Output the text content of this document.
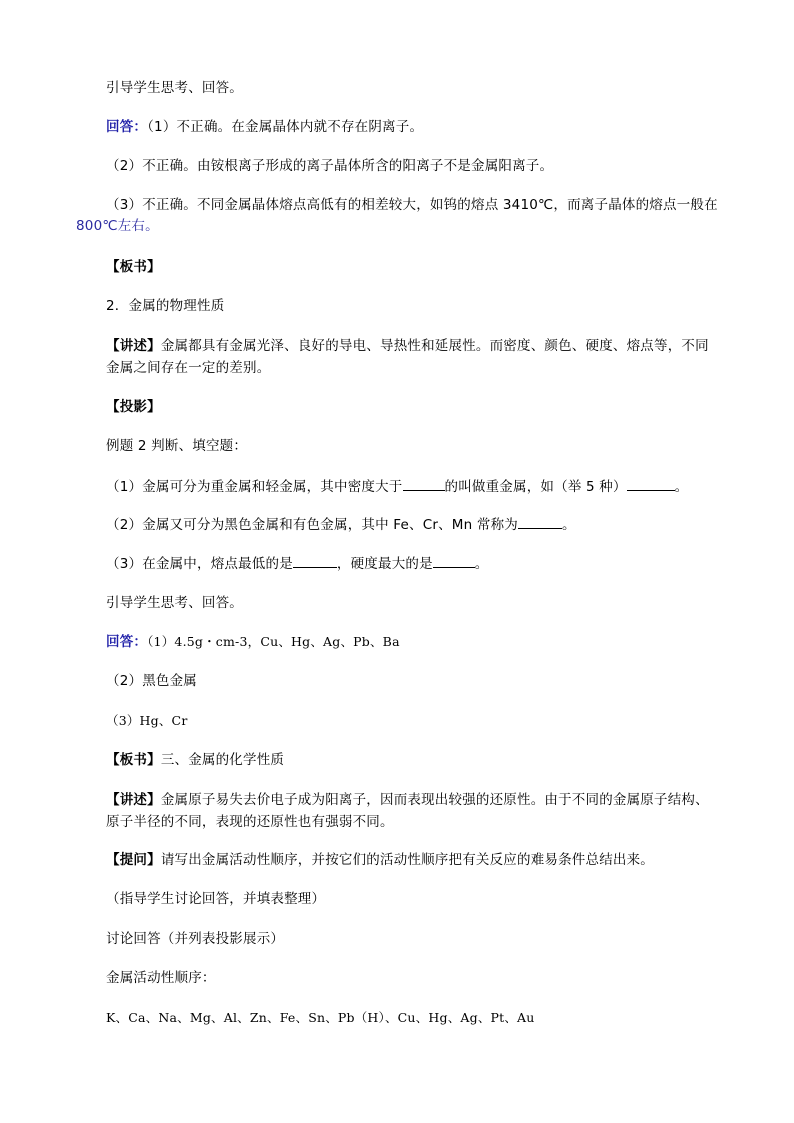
引导学生思考、回答。
回答：（1）不正确。在金属晶体内就不存在阴离子。
（2）不正确。由铵根离子形成的离子晶体所含的阳离子不是金属阳离子。
（3）不正确。不同金属晶体熔点高低有的相差较大，如钨的熔点 3410℃，而离子晶体的熔点一般在
800℃左右。
【板书】
2．金属的物理性质
【讲述】金属都具有金属光泽、良好的导电、导热性和延展性。而密度、颜色、硬度、熔点等，不同金属之间存在一定的差别。
【投影】
例题 2 判断、填空题：
（1）金属可分为重金属和轻金属，其中密度大于	的叫做重金属，如（举 5 种）	。
（2）金属又可分为黑色金属和有色金属，其中 Fe、Cr、Mn 常称为	。
（3）在金属中，熔点最低的是	，硬度最大的是	。
引导学生思考、回答。
回答：（1）4.5g・cm-3，Cu、Hg、Ag、Pb、Ba
（2）黑色金属
（3）Hg、Cr
【板书】三、金属的化学性质
【讲述】金属原子易失去价电子成为阳离子，因而表现出较强的还原性。由于不同的金属原子结构、原子半径的不同，表现的还原性也有强弱不同。
【提问】请写出金属活动性顺序，并按它们的活动性顺序把有关反应的难易条件总结出来。
（指导学生讨论回答，并填表整理）
讨论回答（并列表投影展示）
金属活动性顺序：
K、Ca、Na、Mg、Al、Zn、Fe、Sn、Pb（H）、Cu、Hg、Ag、Pt、Au
